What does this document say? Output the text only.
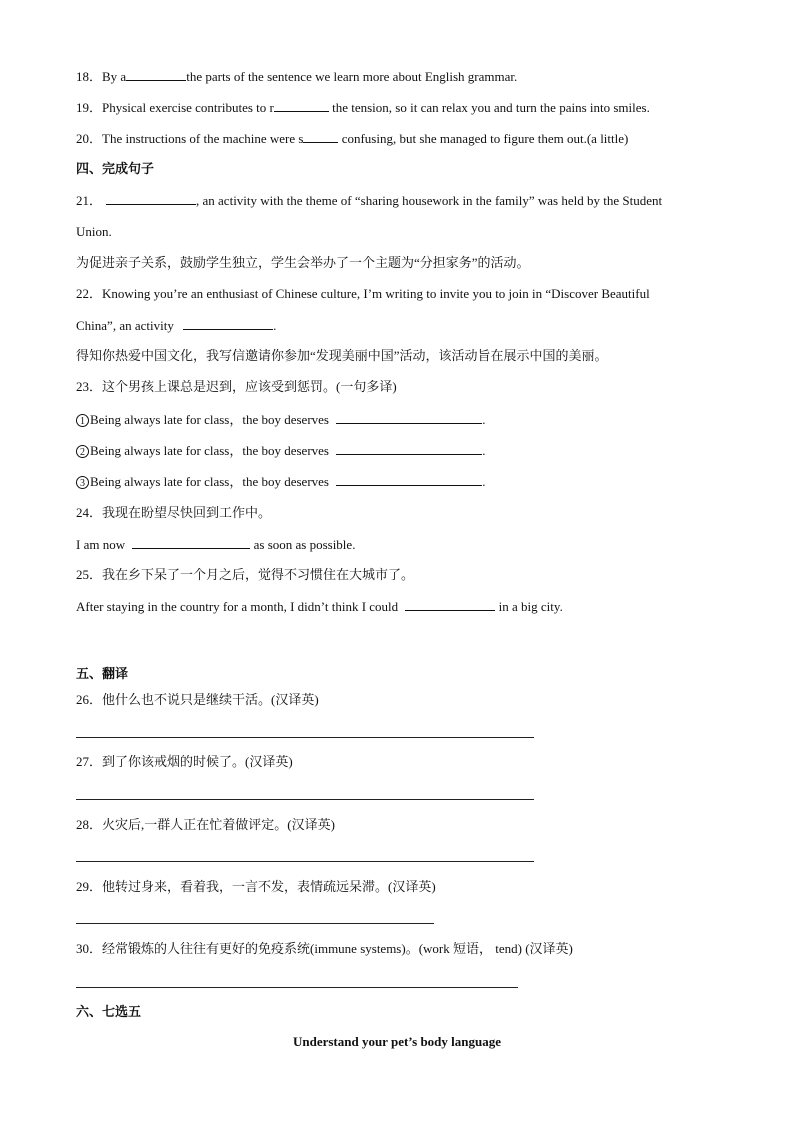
18．By a	the parts of the sentence we learn more about English grammar.
19．Physical exercise contributes to r	the tension, so it can relax you and turn the pains into smiles.
20．The instructions of the machine were s	confusing, but she managed to figure them out.(a little)
四、完成句子
21．	, an activity with the theme of “sharing housework in the family” was held by the Student
Union.
为促进亲子关系，鼓励学生独立，学生会举办了一个主题为“分担家务”的活动。
22．Knowing you’re an enthusiast of Chinese culture, I’m writing to invite you to join in “Discover Beautiful
China”, an activity	.
得知你热爱中国文化，我写信邀请你参加“发现美丽中国”活动，该活动旨在展示中国的美丽。
23．这个男孩上课总是迟到，应该受到惩罚。(一句多译)
1 Being always late for class，the boy deserves	.
2 Being always late for class，the boy deserves	.
3 Being always late for class，the boy deserves	.
24．我现在盼望尽快回到工作中。
I am now	as soon as possible.
25．我在乡下呆了一个月之后，觉得不习惯住在大城市了。
After staying in the country for a month, I didn’t think I could	in a big city.
五、翻译
26．他什么也不说只是继续干活。(汉译英)
27．到了你该戒烟的时候了。(汉译英)
28．火灾后,一群人正在忙着做评定。(汉译英)
29．他转过身来，看着我，一言不发，表情疏远呆滞。(汉译英)
30．经常锻炼的人往往有更好的免疫系统(immune systems)。(work 短语， tend) (汉译英)
六、七选五
Understand your pet’s body language
